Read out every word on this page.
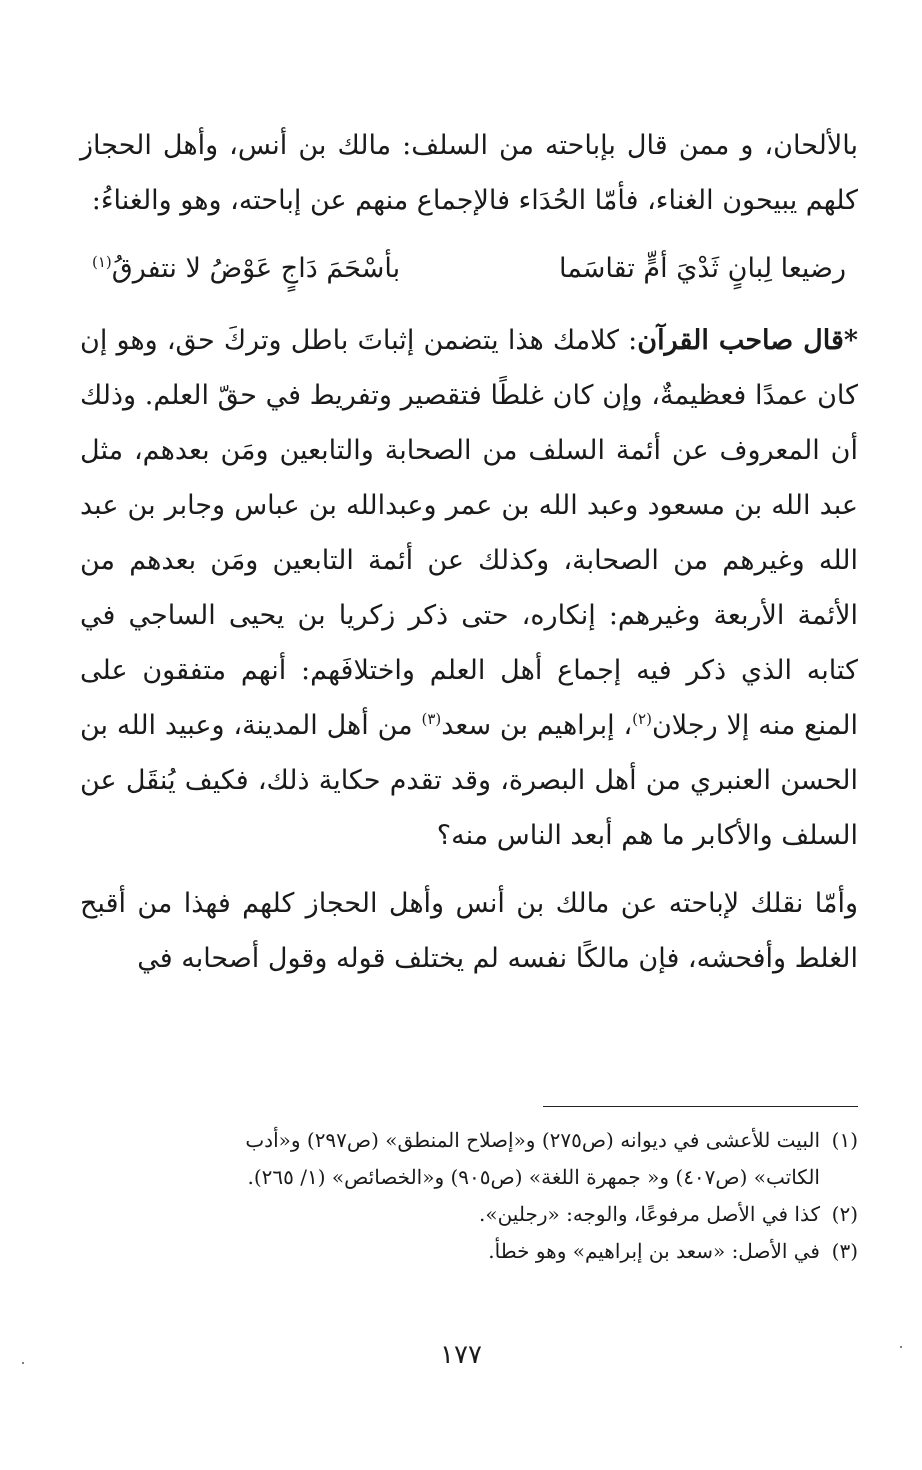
بالألحان، و ممن قال بإباحته من السلف: مالك بن أنس، وأهل الحجاز كلهم يبيحون الغناء، فأمّا الحُدَاء فالإجماع منهم عن إباحته، وهو والغناءُ:

رضيعا لِبانٍ ثَدْيَ أمٍّ تقاسَما
بأسْحَمَ دَاجٍ عَوْضُ لا نتفرقُ$^{(١)}$

*قال صاحب القرآن: كلامك هذا يتضمن إثباتَ باطل وتركَ حق، وهو إن كان عمدًا فعظيمةٌ، وإن كان غلطًا فتقصير وتفريط في حقّ العلم. وذلك أن المعروف عن أئمة السلف من الصحابة والتابعين ومَن بعدهم، مثل عبد الله بن مسعود وعبد الله بن عمر وعبدالله بن عباس وجابر بن عبد الله وغيرهم من الصحابة، وكذلك عن أئمة التابعين ومَن بعدهم من الأئمة الأربعة وغيرهم: إنكاره، حتى ذكر زكريا بن يحيى الساجي في كتابه الذي ذكر فيه إجماع أهل العلم واختلافَهم: أنهم متفقون على المنع منه إلا رجلان$^{(٢)}$، إبراهيم بن سعد$^{(٣)}$ من أهل المدينة، وعبيد الله بن الحسن العنبري من أهل البصرة، وقد تقدم حكاية ذلك، فكيف يُنقَل عن السلف والأكابر ما هم أبعد الناس منه؟

وأمّا نقلك لإباحته عن مالك بن أنس وأهل الحجاز كلهم فهذا من أقبح الغلط وأفحشه، فإن مالكًا نفسه لم يختلف قوله وقول أصحابه في

(١)البيت للأعشى في ديوانه (ص٢٧٥) و«إصلاح المنطق» (ص٢٩٧) و«أدب

الكاتب» (ص٤٠٧) و« جمهرة اللغة» (ص٩٠٥) و«الخصائص» (١/ ٢٦٥).

(٢)كذا في الأصل مرفوعًا، والوجه: «رجلين».

(٣)في الأصل: «سعد بن إبراهيم» وهو خطأ.

١٧٧
